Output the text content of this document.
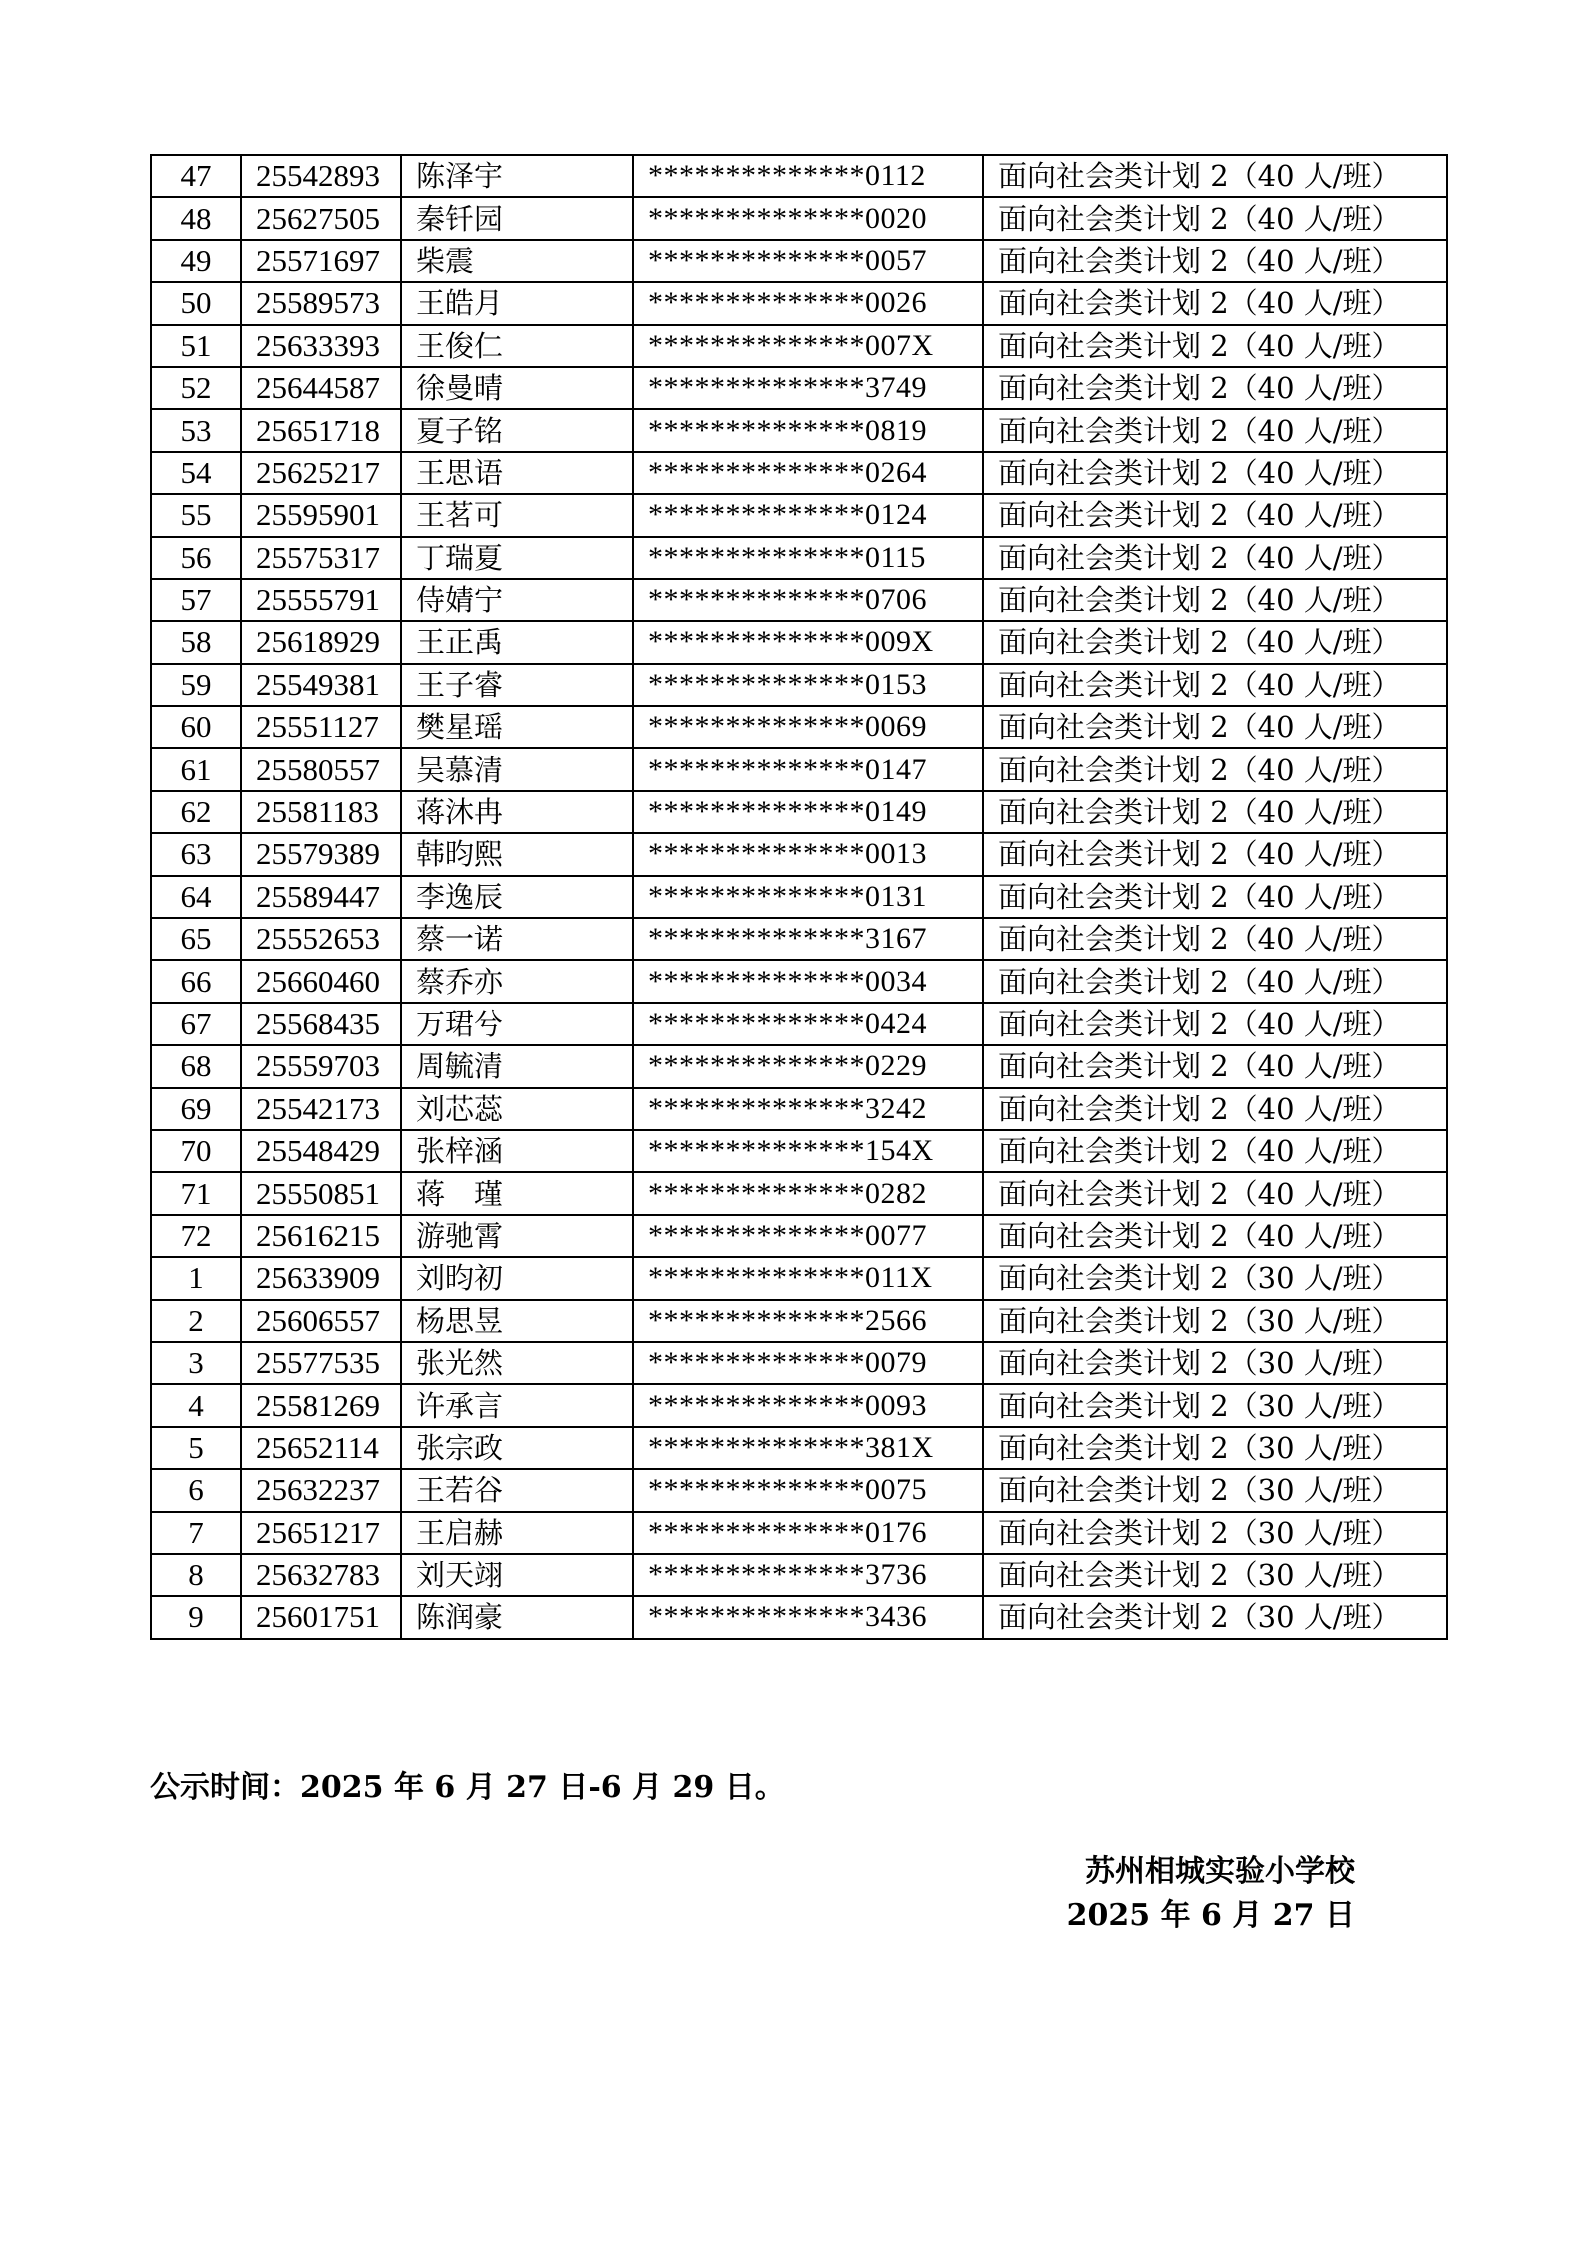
47	25542893	陈泽宇	**************0112	面向社会类计划 2（40 人/班）
48	25627505	秦钎园	**************0020	面向社会类计划 2（40 人/班）
49	25571697	柴震	**************0057	面向社会类计划 2（40 人/班）
50	25589573	王皓月	**************0026	面向社会类计划 2（40 人/班）
51	25633393	王俊仁	**************007X	面向社会类计划 2（40 人/班）
52	25644587	徐曼晴	**************3749	面向社会类计划 2（40 人/班）
53	25651718	夏子铭	**************0819	面向社会类计划 2（40 人/班）
54	25625217	王思语	**************0264	面向社会类计划 2（40 人/班）
55	25595901	王茗可	**************0124	面向社会类计划 2（40 人/班）
56	25575317	丁瑞夏	**************0115	面向社会类计划 2（40 人/班）
57	25555791	侍婧宁	**************0706	面向社会类计划 2（40 人/班）
58	25618929	王正禹	**************009X	面向社会类计划 2（40 人/班）
59	25549381	王子睿	**************0153	面向社会类计划 2（40 人/班）
60	25551127	樊星瑶	**************0069	面向社会类计划 2（40 人/班）
61	25580557	吴慕清	**************0147	面向社会类计划 2（40 人/班）
62	25581183	蒋沐冉	**************0149	面向社会类计划 2（40 人/班）
63	25579389	韩昀熙	**************0013	面向社会类计划 2（40 人/班）
64	25589447	李逸辰	**************0131	面向社会类计划 2（40 人/班）
65	25552653	蔡一诺	**************3167	面向社会类计划 2（40 人/班）
66	25660460	蔡乔亦	**************0034	面向社会类计划 2（40 人/班）
67	25568435	万珺兮	**************0424	面向社会类计划 2（40 人/班）
68	25559703	周毓清	**************0229	面向社会类计划 2（40 人/班）
69	25542173	刘芯蕊	**************3242	面向社会类计划 2（40 人/班）
70	25548429	张梓涵	**************154X	面向社会类计划 2（40 人/班）
71	25550851	蒋　瑾	**************0282	面向社会类计划 2（40 人/班）
72	25616215	游驰霄	**************0077	面向社会类计划 2（40 人/班）
1	25633909	刘昀初	**************011X	面向社会类计划 2（30 人/班）
2	25606557	杨思昱	**************2566	面向社会类计划 2（30 人/班）
3	25577535	张光然	**************0079	面向社会类计划 2（30 人/班）
4	25581269	许承言	**************0093	面向社会类计划 2（30 人/班）
5	25652114	张宗政	**************381X	面向社会类计划 2（30 人/班）
6	25632237	王若谷	**************0075	面向社会类计划 2（30 人/班）
7	25651217	王启赫	**************0176	面向社会类计划 2（30 人/班）
8	25632783	刘天翊	**************3736	面向社会类计划 2（30 人/班）
9	25601751	陈润豪	**************3436	面向社会类计划 2（30 人/班）
公示时间：2025 年 6 月 27 日-6 月 29 日。
苏州相城实验小学校
2025 年 6 月 27 日
